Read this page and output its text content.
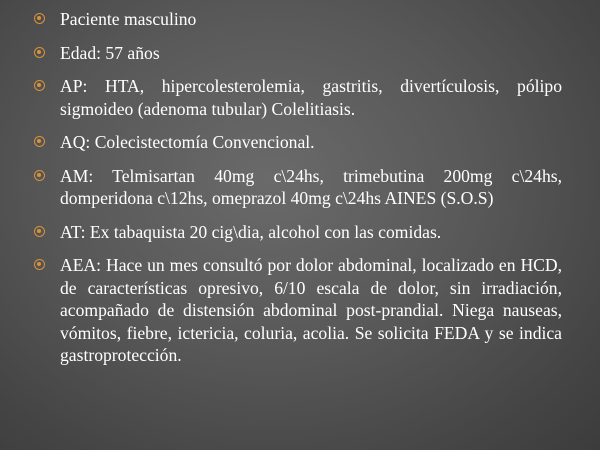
Paciente masculino
Edad: 57 años
AP: HTA, hipercolesterolemia, gastritis, divertículosis, pólipo sigmoideo (adenoma tubular) Colelitiasis.
AQ: Colecistectomía Convencional.
AM: Telmisartan 40mg c\24hs, trimebutina 200mg c\24hs, domperidona c\12hs, omeprazol 40mg c\24hs AINES (S.O.S)
AT: Ex tabaquista 20 cig\dia, alcohol con las comidas.
AEA: Hace un mes consultó por dolor abdominal, localizado en HCD, de características opresivo, 6/10 escala de dolor, sin irradiación, acompañado de distensión abdominal post-prandial. Niega nauseas, vómitos, fiebre, ictericia, coluria, acolia. Se solicita FEDA y se indica gastroprotección.
